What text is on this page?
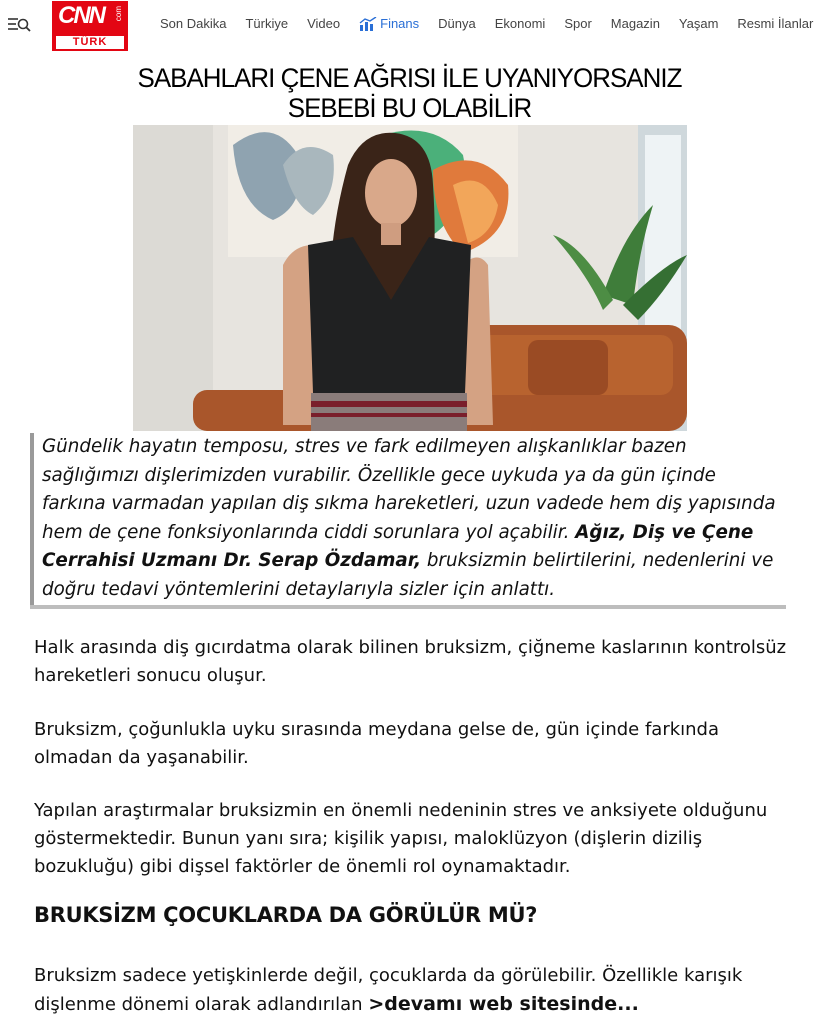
CNN com
TÜRK
Son Dakika Türkiye Video	Finans Dünya Ekonomi Spor Magazin Yaşam Resmi İlanlar
SABAHLARI ÇENE AĞRISI İLE UYANIYORSANIZ
SEBEBİ BU OLABİLİR

Gündelik hayatın temposu, stres ve fark edilmeyen alışkanlıklar bazen sağlığımızı dişlerimizden vurabilir. Özellikle gece uykuda ya da gün içinde farkına varmadan yapılan diş sıkma hareketleri, uzun vadede hem diş yapısında hem de çene fonksiyonlarında ciddi sorunlara yol açabilir. Ağız, Diş ve Çene Cerrahisi Uzmanı Dr. Serap Özdamar, bruksizmin belirtilerini, nedenlerini ve doğru tedavi yöntemlerini detaylarıyla sizler için anlattı.

Halk arasında diş gıcırdatma olarak bilinen bruksizm, çiğneme kaslarının kontrolsüz hareketleri sonucu oluşur.

Bruksizm, çoğunlukla uyku sırasında meydana gelse de, gün içinde farkında olmadan da yaşanabilir.

Yapılan araştırmalar bruksizmin en önemli nedeninin stres ve anksiyete olduğunu göstermektedir. Bunun yanı sıra; kişilik yapısı, maloklüzyon (dişlerin diziliş bozukluğu) gibi dişsel faktörler de önemli rol oynamaktadır.

BRUKSİZM ÇOCUKLARDA DA GÖRÜLÜR MÜ?

Bruksizm sadece yetişkinlerde değil, çocuklarda da görülebilir. Özellikle karışık dişlenme dönemi olarak adlandırılan >devamı web sitesinde...
